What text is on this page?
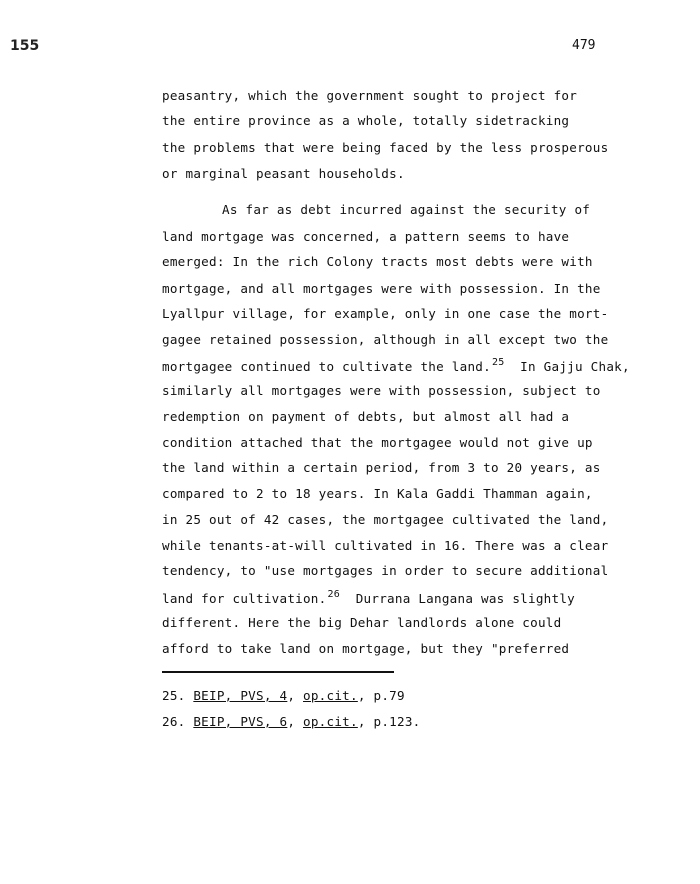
155	479
peasantry, which the government sought to project for
the entire province as a whole, totally sidetracking
the problems that were being faced by the less prosperous
or marginal peasant households.
As far as debt incurred against the security of
land mortgage was concerned, a pattern seems to have
emerged: In the rich Colony tracts most debts were with
mortgage, and all mortgages were with possession. In the
Lyallpur village, for example, only in one case the mort-
gagee retained possession, although in all except two the
mortgagee continued to cultivate the land.$^{25}$  In Gajju Chak,
similarly all mortgages were with possession, subject to
redemption on payment of debts, but almost all had a
condition attached that the mortgagee would not give up
the land within a certain period, from 3 to 20 years, as
compared to 2 to 18 years. In Kala Gaddi Thamman again,
in 25 out of 42 cases, the mortgagee cultivated the land,
while tenants-at-will cultivated in 16. There was a clear
tendency, to "use mortgages in order to secure additional
land for cultivation.$^{26}$  Durrana Langana was slightly
different. Here the big Dehar landlords alone could
afford to take land on mortgage, but they "preferred
25. BEIP, PVS, 4, op.cit., p.79
26. BEIP, PVS, 6, op.cit., p.123.
